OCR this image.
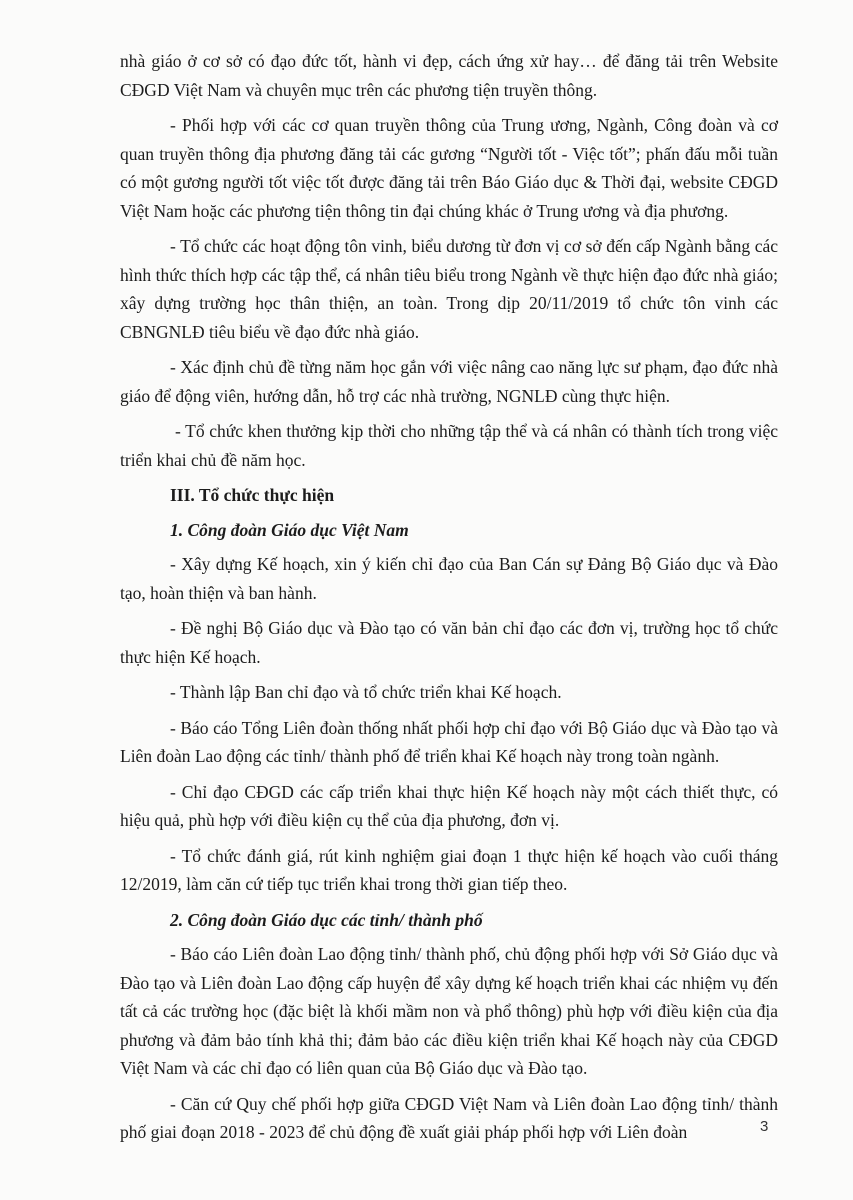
nhà giáo ở cơ sở có đạo đức tốt, hành vi đẹp, cách ứng xử hay… để đăng tải trên Website CĐGD Việt Nam và chuyên mục trên các phương tiện truyền thông.

- Phối hợp với các cơ quan truyền thông của Trung ương, Ngành, Công đoàn và cơ quan truyền thông địa phương đăng tải các gương “Người tốt - Việc tốt”; phấn đấu mỗi tuần có một gương người tốt việc tốt được đăng tải trên Báo Giáo dục & Thời đại, website CĐGD Việt Nam hoặc các phương tiện thông tin đại chúng khác ở Trung ương và địa phương.

- Tổ chức các hoạt động tôn vinh, biểu dương từ đơn vị cơ sở đến cấp Ngành bằng các hình thức thích hợp các tập thể, cá nhân tiêu biểu trong Ngành về thực hiện đạo đức nhà giáo; xây dựng trường học thân thiện, an toàn. Trong dịp 20/11/2019 tổ chức tôn vinh các CBNGNLĐ tiêu biểu về đạo đức nhà giáo.

- Xác định chủ đề từng năm học gắn với việc nâng cao năng lực sư phạm, đạo đức nhà giáo để động viên, hướng dẫn, hỗ trợ các nhà trường, NGNLĐ cùng thực hiện.

- Tổ chức khen thưởng kịp thời cho những tập thể và cá nhân có thành tích trong việc triển khai chủ đề năm học.

III. Tổ chức thực hiện
1. Công đoàn Giáo dục Việt Nam

- Xây dựng Kế hoạch, xin ý kiến chỉ đạo của Ban Cán sự Đảng Bộ Giáo dục và Đào tạo, hoàn thiện và ban hành.

- Đề nghị Bộ Giáo dục và Đào tạo có văn bản chỉ đạo các đơn vị, trường học tổ chức thực hiện Kế hoạch.

- Thành lập Ban chỉ đạo và tổ chức triển khai Kế hoạch.

- Báo cáo Tổng Liên đoàn thống nhất phối hợp chỉ đạo với Bộ Giáo dục và Đào tạo và Liên đoàn Lao động các tỉnh/ thành phố để triển khai Kế hoạch này trong toàn ngành.

- Chỉ đạo CĐGD các cấp triển khai thực hiện Kế hoạch này một cách thiết thực, có hiệu quả, phù hợp với điều kiện cụ thể của địa phương, đơn vị.

- Tổ chức đánh giá, rút kinh nghiệm giai đoạn 1 thực hiện kế hoạch vào cuối tháng 12/2019, làm căn cứ tiếp tục triển khai trong thời gian tiếp theo.

2. Công đoàn Giáo dục các tỉnh/ thành phố

- Báo cáo Liên đoàn Lao động tỉnh/ thành phố, chủ động phối hợp với Sở Giáo dục và Đào tạo và Liên đoàn Lao động cấp huyện để xây dựng kế hoạch triển khai các nhiệm vụ đến tất cả các trường học (đặc biệt là khối mầm non và phổ thông) phù hợp với điều kiện của địa phương và đảm bảo tính khả thi; đảm bảo các điều kiện triển khai Kế hoạch này của CĐGD Việt Nam và các chỉ đạo có liên quan của Bộ Giáo dục và Đào tạo.

- Căn cứ Quy chế phối hợp giữa CĐGD Việt Nam và Liên đoàn Lao động tỉnh/ thành phố giai đoạn 2018 - 2023 để chủ động đề xuất giải pháp phối hợp với Liên đoàn	3
